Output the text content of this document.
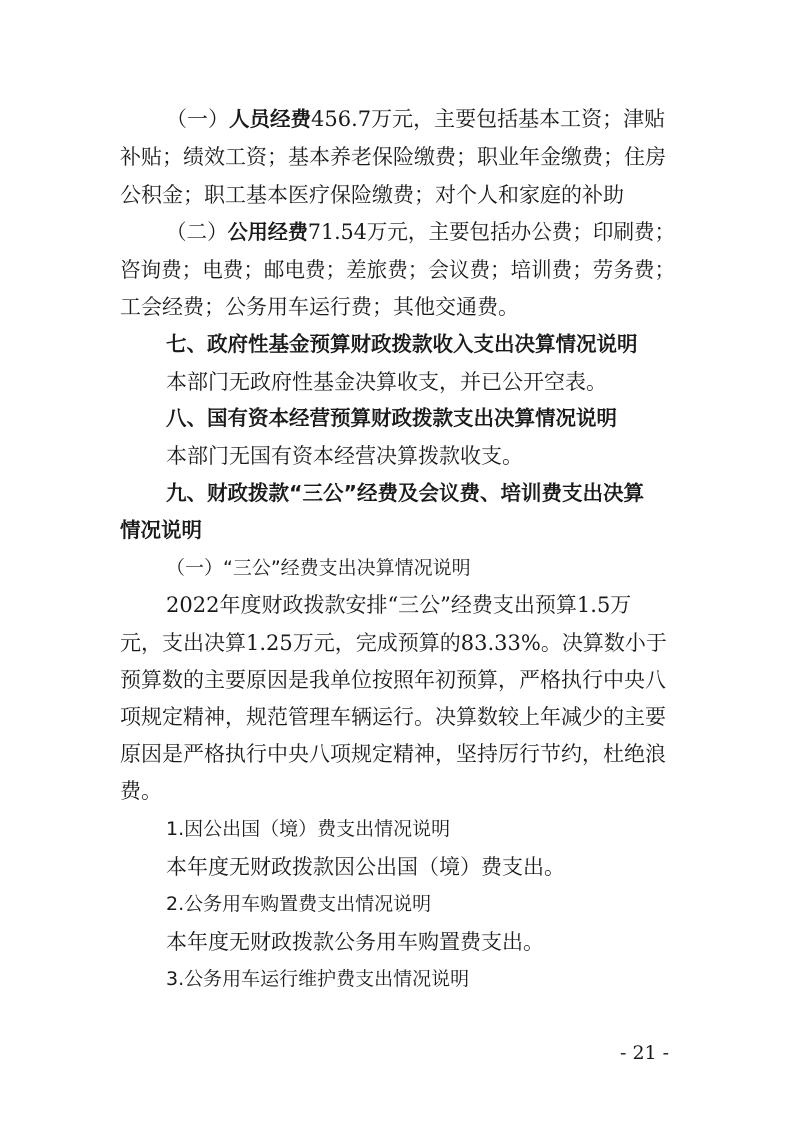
（一）人员经费456.7万元，主要包括基本工资；津贴
补贴；绩效工资；基本养老保险缴费；职业年金缴费；住房
公积金；职工基本医疗保险缴费；对个人和家庭的补助
（二）公用经费71.54万元，主要包括办公费；印刷费；
咨询费；电费；邮电费；差旅费；会议费；培训费；劳务费；
工会经费；公务用车运行费；其他交通费。
七、政府性基金预算财政拨款收入支出决算情况说明
本部门无政府性基金决算收支，并已公开空表。
八、国有资本经营预算财政拨款支出决算情况说明
本部门无国有资本经营决算拨款收支。
九、财政拨款“三公”经费及会议费、培训费支出决算
情况说明
（一）“三公”经费支出决算情况说明
2022年度财政拨款安排“三公”经费支出预算1.5万
元，支出决算1.25万元，完成预算的83.33%。决算数小于
预算数的主要原因是我单位按照年初预算，严格执行中央八
项规定精神，规范管理车辆运行。决算数较上年减少的主要
原因是严格执行中央八项规定精神，坚持厉行节约，杜绝浪
费。
1.因公出国（境）费支出情况说明
本年度无财政拨款因公出国（境）费支出。
2.公务用车购置费支出情况说明
本年度无财政拨款公务用车购置费支出。
3.公务用车运行维护费支出情况说明
- 21 -
